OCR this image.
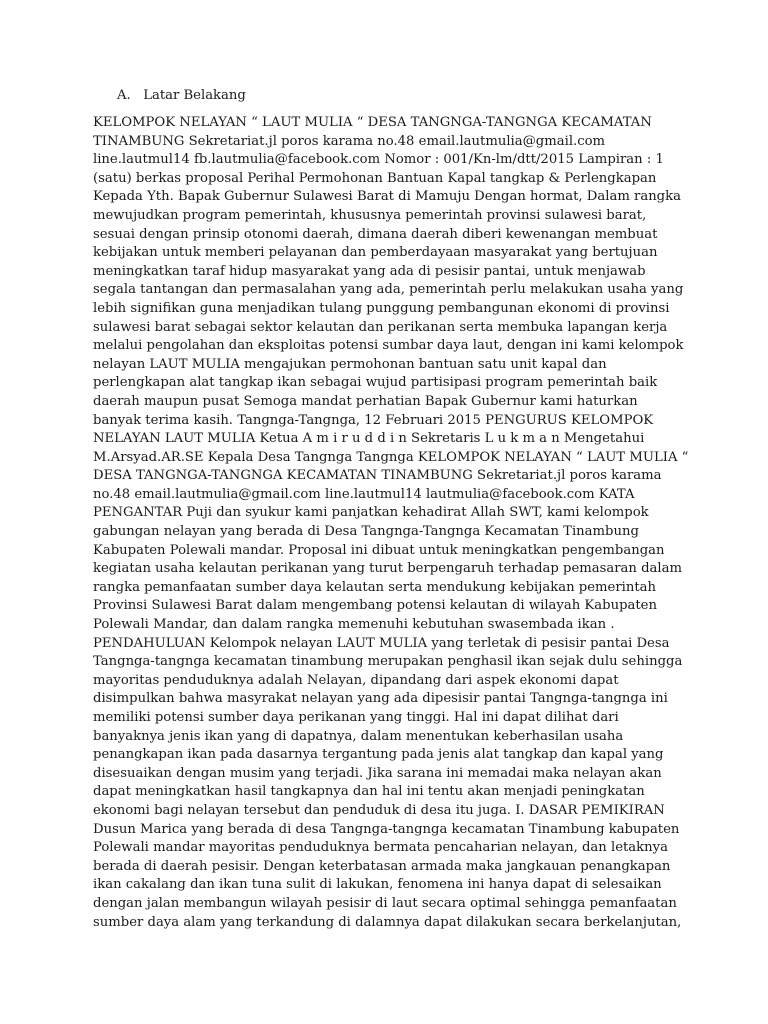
A. Latar Belakang
KELOMPOK NELAYAN “ LAUT MULIA “ DESA TANGNGA-TANGNGA KECAMATAN
TINAMBUNG Sekretariat.jl poros karama no.48 email.lautmulia@gmail.com
line.lautmul14 fb.lautmulia@facebook.com Nomor : 001/Kn-lm/dtt/2015 Lampiran : 1
(satu) berkas proposal Perihal Permohonan Bantuan Kapal tangkap & Perlengkapan
Kepada Yth. Bapak Gubernur Sulawesi Barat di Mamuju Dengan hormat, Dalam rangka
mewujudkan program pemerintah, khususnya pemerintah provinsi sulawesi barat,
sesuai dengan prinsip otonomi daerah, dimana daerah diberi kewenangan membuat
kebijakan untuk memberi pelayanan dan pemberdayaan masyarakat yang bertujuan
meningkatkan taraf hidup masyarakat yang ada di pesisir pantai, untuk menjawab
segala tantangan dan permasalahan yang ada, pemerintah perlu melakukan usaha yang
lebih signifikan guna menjadikan tulang punggung pembangunan ekonomi di provinsi
sulawesi barat sebagai sektor kelautan dan perikanan serta membuka lapangan kerja
melalui pengolahan dan eksploitas potensi sumbar daya laut, dengan ini kami kelompok
nelayan LAUT MULIA mengajukan permohonan bantuan satu unit kapal dan
perlengkapan alat tangkap ikan sebagai wujud partisipasi program pemerintah baik
daerah maupun pusat Semoga mandat perhatian Bapak Gubernur kami haturkan
banyak terima kasih. Tangnga-Tangnga, 12 Februari 2015 PENGURUS KELOMPOK
NELAYAN LAUT MULIA Ketua A m i r u d d i n Sekretaris L u k m a n Mengetahui
M.Arsyad.AR.SE Kepala Desa Tangnga Tangnga KELOMPOK NELAYAN “ LAUT MULIA “
DESA TANGNGA-TANGNGA KECAMATAN TINAMBUNG Sekretariat.jl poros karama
no.48 email.lautmulia@gmail.com line.lautmul14 lautmulia@facebook.com KATA
PENGANTAR Puji dan syukur kami panjatkan kehadirat Allah SWT, kami kelompok
gabungan nelayan yang berada di Desa Tangnga-Tangnga Kecamatan Tinambung
Kabupaten Polewali mandar. Proposal ini dibuat untuk meningkatkan pengembangan
kegiatan usaha kelautan perikanan yang turut berpengaruh terhadap pemasaran dalam
rangka pemanfaatan sumber daya kelautan serta mendukung kebijakan pemerintah
Provinsi Sulawesi Barat dalam mengembang potensi kelautan di wilayah Kabupaten
Polewali Mandar, dan dalam rangka memenuhi kebutuhan swasembada ikan .
PENDAHULUAN Kelompok nelayan LAUT MULIA yang terletak di pesisir pantai Desa
Tangnga-tangnga kecamatan tinambung merupakan penghasil ikan sejak dulu sehingga
mayoritas penduduknya adalah Nelayan, dipandang dari aspek ekonomi dapat
disimpulkan bahwa masyrakat nelayan yang ada dipesisir pantai Tangnga-tangnga ini
memiliki potensi sumber daya perikanan yang tinggi. Hal ini dapat dilihat dari
banyaknya jenis ikan yang di dapatnya, dalam menentukan keberhasilan usaha
penangkapan ikan pada dasarnya tergantung pada jenis alat tangkap dan kapal yang
disesuaikan dengan musim yang terjadi. Jika sarana ini memadai maka nelayan akan
dapat meningkatkan hasil tangkapnya dan hal ini tentu akan menjadi peningkatan
ekonomi bagi nelayan tersebut dan penduduk di desa itu juga. I. DASAR PEMIKIRAN
Dusun Marica yang berada di desa Tangnga-tangnga kecamatan Tinambung kabupaten
Polewali mandar mayoritas penduduknya bermata pencaharian nelayan, dan letaknya
berada di daerah pesisir. Dengan keterbatasan armada maka jangkauan penangkapan
ikan cakalang dan ikan tuna sulit di lakukan, fenomena ini hanya dapat di selesaikan
dengan jalan membangun wilayah pesisir di laut secara optimal sehingga pemanfaatan
sumber daya alam yang terkandung di dalamnya dapat dilakukan secara berkelanjutan,
